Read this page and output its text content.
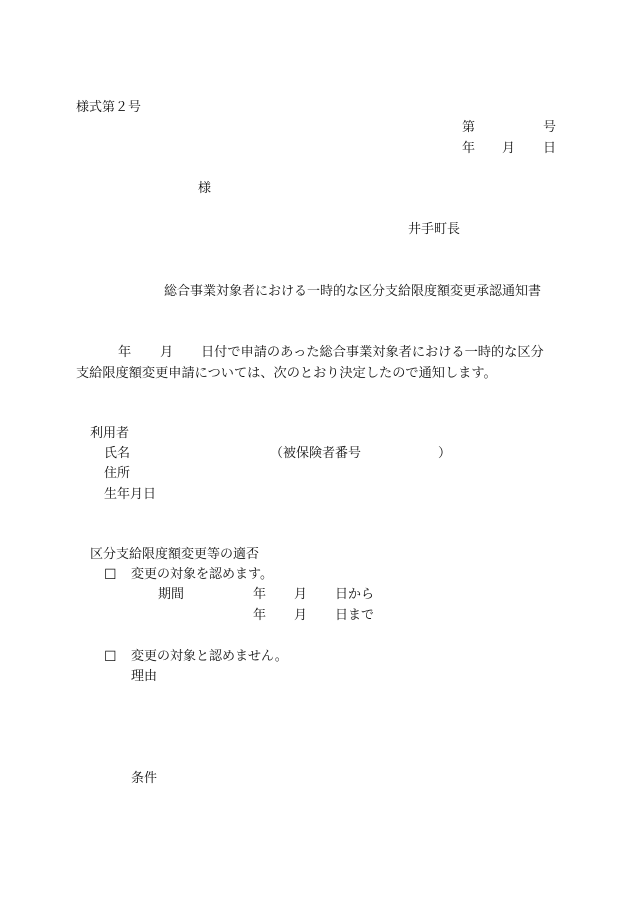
様式第２号
第	号
年 月 日
様
井手町長
総合事業対象者における一時的な区分支給限度額変更承認通知書
年 月 日付で申請のあった総合事業対象者における一時的な区分
支給限度額変更申請については、次のとおり決定したので通知します。
利用者
氏名	（被保険者番号	）
住所
生年月日
区分支給限度額変更等の適否
☐ 変更の対象を認めます。
期間	年 月 日から
年 月 日まで
☐ 変更の対象と認めません。
理由
条件
